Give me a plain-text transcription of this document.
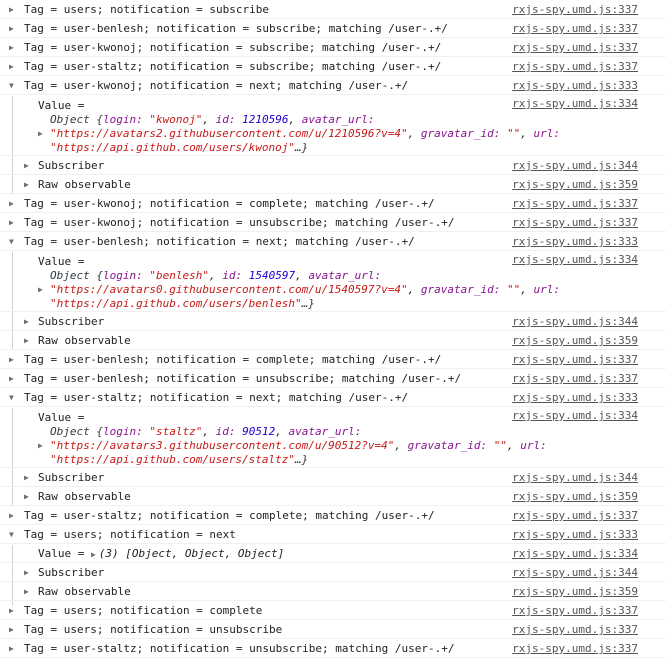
▶ Tag = users; notification = subscribe	rxjs-spy.umd.js:337
▶ Tag = user-benlesh; notification = subscribe; matching /user-.+/	rxjs-spy.umd.js:337
▶ Tag = user-kwonoj; notification = subscribe; matching /user-.+/	rxjs-spy.umd.js:337
▶ Tag = user-staltz; notification = subscribe; matching /user-.+/	rxjs-spy.umd.js:337
▼ Tag = user-kwonoj; notification = next; matching /user-.+/	rxjs-spy.umd.js:333
Value =	rxjs-spy.umd.js:334
Object {login: "kwonoj", id: 1210596, avatar_url:
▶ "https://avatars2.githubusercontent.com/u/1210596?v=4", gravatar_id: "", url:
"https://api.github.com/users/kwonoj"…}
▶ Subscriber	rxjs-spy.umd.js:344
▶ Raw observable	rxjs-spy.umd.js:359
▶ Tag = user-kwonoj; notification = complete; matching /user-.+/	rxjs-spy.umd.js:337
▶ Tag = user-kwonoj; notification = unsubscribe; matching /user-.+/	rxjs-spy.umd.js:337
▼ Tag = user-benlesh; notification = next; matching /user-.+/	rxjs-spy.umd.js:333
Value =	rxjs-spy.umd.js:334
Object {login: "benlesh", id: 1540597, avatar_url:
▶ "https://avatars0.githubusercontent.com/u/1540597?v=4", gravatar_id: "", url:
"https://api.github.com/users/benlesh"…}
▶ Subscriber	rxjs-spy.umd.js:344
▶ Raw observable	rxjs-spy.umd.js:359
▶ Tag = user-benlesh; notification = complete; matching /user-.+/	rxjs-spy.umd.js:337
▶ Tag = user-benlesh; notification = unsubscribe; matching /user-.+/	rxjs-spy.umd.js:337
▼ Tag = user-staltz; notification = next; matching /user-.+/	rxjs-spy.umd.js:333
Value =	rxjs-spy.umd.js:334
Object {login: "staltz", id: 90512, avatar_url:
▶ "https://avatars3.githubusercontent.com/u/90512?v=4", gravatar_id: "", url:
"https://api.github.com/users/staltz"…}
▶ Subscriber	rxjs-spy.umd.js:344
▶ Raw observable	rxjs-spy.umd.js:359
▶ Tag = user-staltz; notification = complete; matching /user-.+/	rxjs-spy.umd.js:337
▼ Tag = users; notification = next	rxjs-spy.umd.js:333
Value = ▶ (3) [Object, Object, Object]	rxjs-spy.umd.js:334
▶ Subscriber	rxjs-spy.umd.js:344
▶ Raw observable	rxjs-spy.umd.js:359
▶ Tag = users; notification = complete	rxjs-spy.umd.js:337
▶ Tag = users; notification = unsubscribe	rxjs-spy.umd.js:337
▶ Tag = user-staltz; notification = unsubscribe; matching /user-.+/	rxjs-spy.umd.js:337
